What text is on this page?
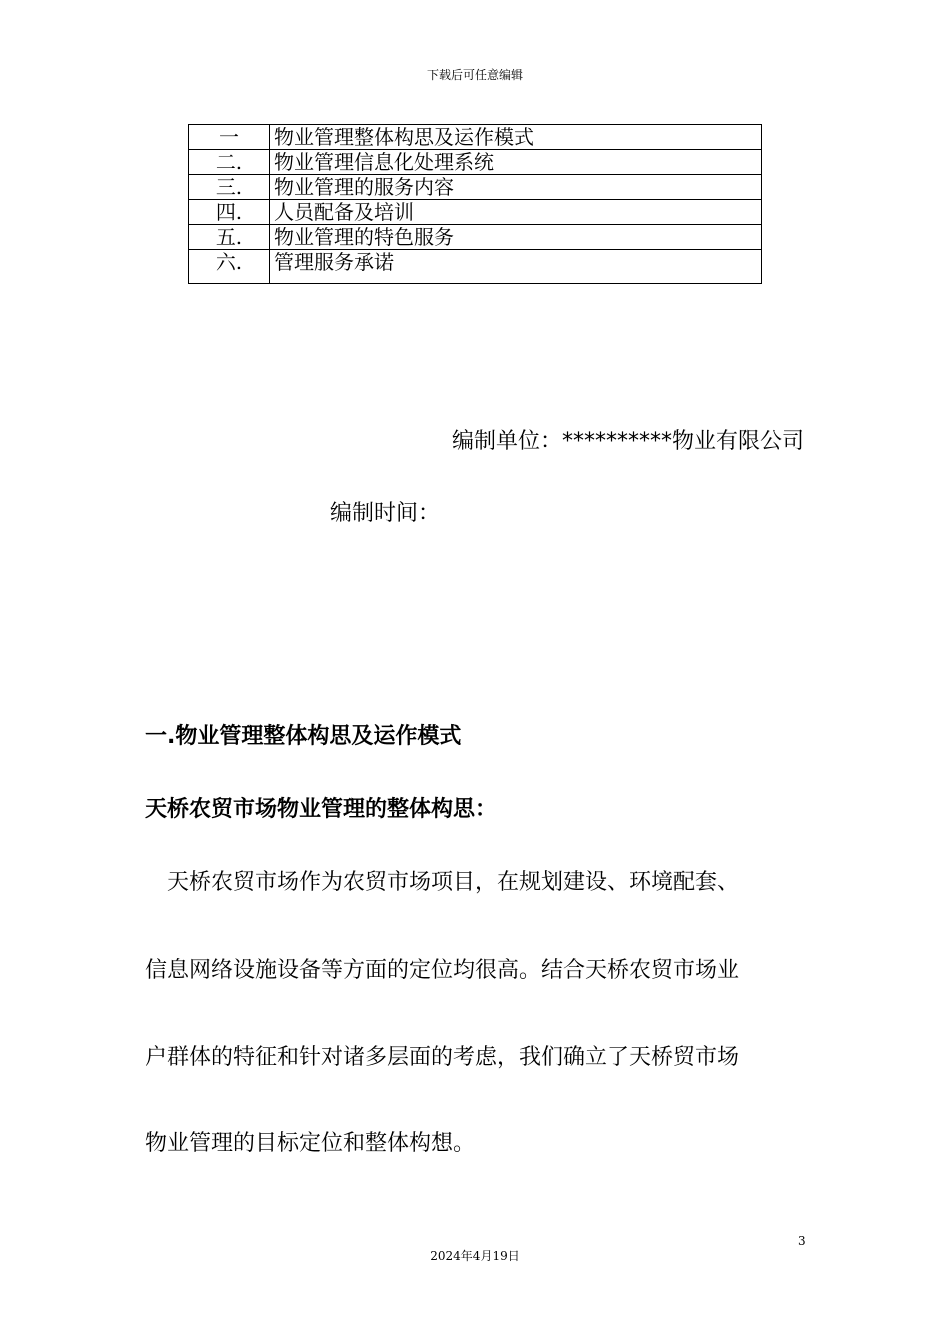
下载后可任意编辑
一	物业管理整体构思及运作模式
二.	物业管理信息化处理系统
三.	物业管理的服务内容
四.	人员配备及培训
五.	物业管理的特色服务
六.	管理服务承诺
编制单位：**********物业有限公司
编制时间：
一.物业管理整体构思及运作模式
天桥农贸市场物业管理的整体构思：
　天桥农贸市场作为农贸市场项目，在规划建设、环境配套、
信息网络设施设备等方面的定位均很高。结合天桥农贸市场业
户群体的特征和针对诸多层面的考虑，我们确立了天桥贸市场
物业管理的目标定位和整体构想。
3
2024年4月19日
